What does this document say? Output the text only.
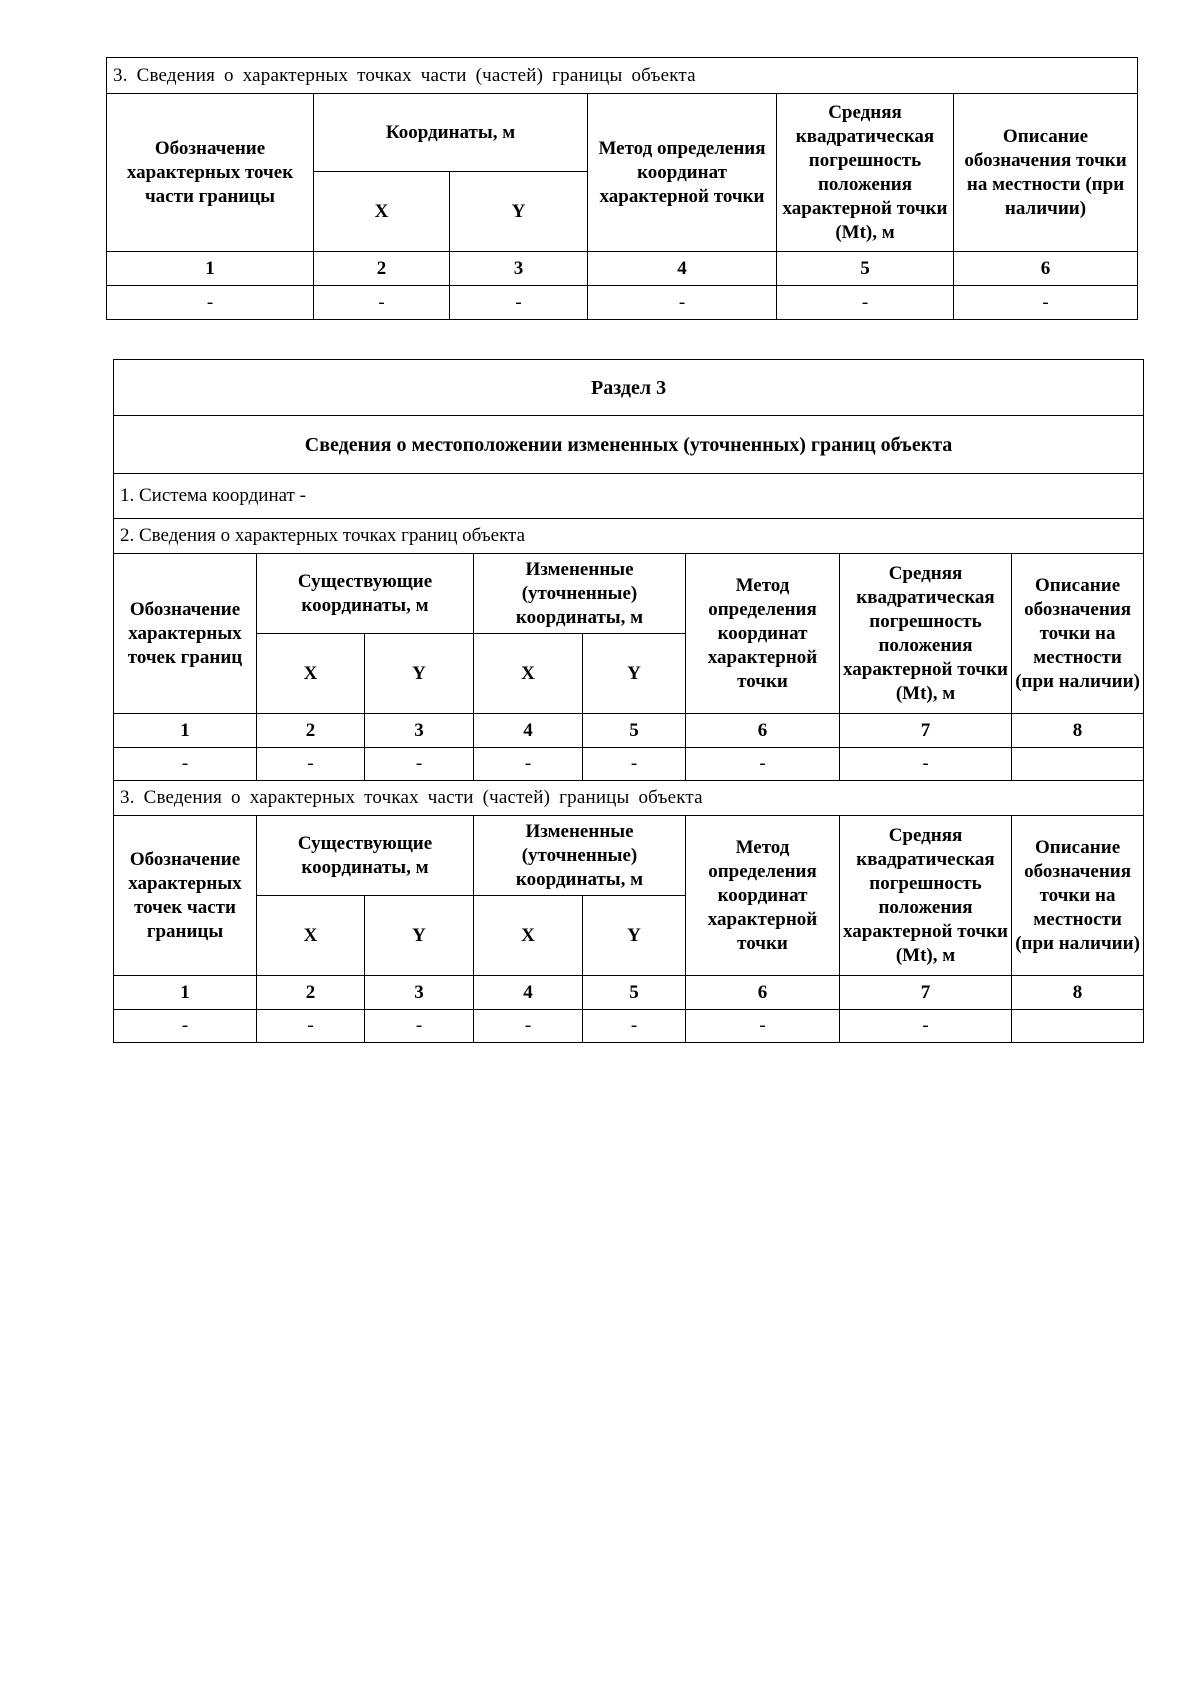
3. Сведения о характерных точках части (частей) границы объекта					
Обозначение характерных точек части границы	Координаты, м		Метод определения координат характерной точки	Средняя квадратическая погрешность положения характерной точки (Mt), м	Описание обозначения точки на местности (при наличии)
	X	Y			
1	2	3	4	5	6
-	-	-	-	-	-
Раздел 3							
Сведения о местоположении измененных (уточненных) границ объекта							
1. Система координат -							
2. Сведения о характерных точках границ объекта							
Обозначение характерных точек границ	Существующие координаты, м		Измененные (уточненные) координаты, м		Метод определения координат характерной точки	Средняя квадратическая погрешность положения характерной точки (Mt), м	Описание обозначения точки на местности (при наличии)
	X	Y	X	Y			
1	2	3	4	5	6	7	8
-	-	-	-	-	-	-	
3. Сведения о характерных точках части (частей) границы объекта							
Обозначение характерных точек части границы	Существующие координаты, м		Измененные (уточненные) координаты, м		Метод определения координат характерной точки	Средняя квадратическая погрешность положения характерной точки (Mt), м	Описание обозначения точки на местности (при наличии)
	X	Y	X	Y			
1	2	3	4	5	6	7	8
-	-	-	-	-	-	-	
